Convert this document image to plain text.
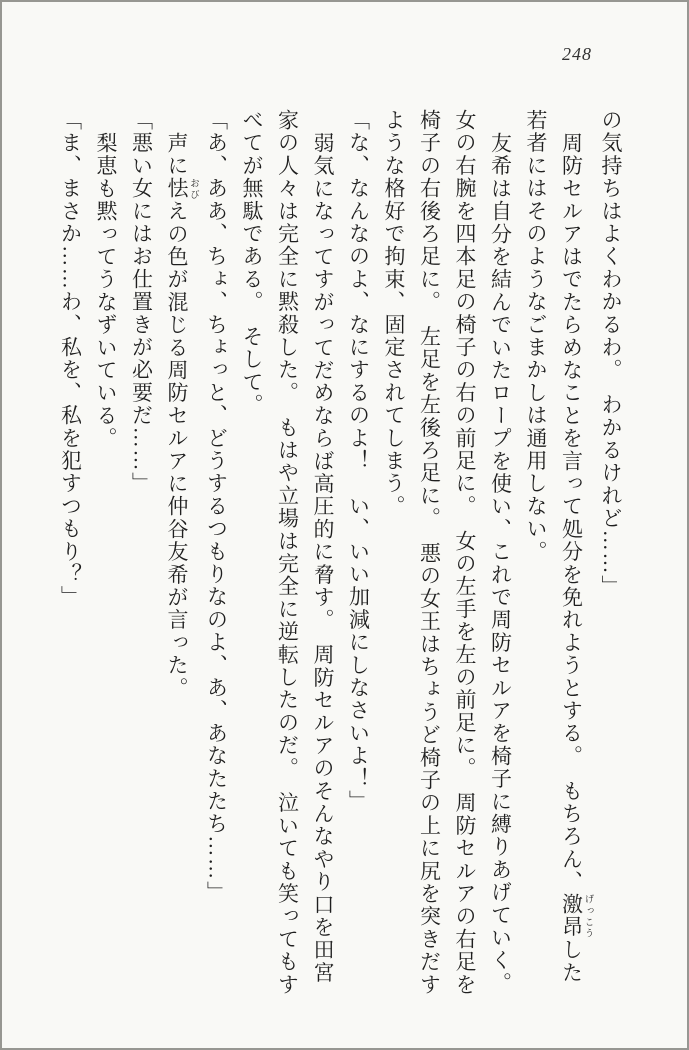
248
の気持ちはよくわかるわ。　わかるけれど……」
周防セルアはでたらめなことを言って処分を免れようとする。　もちろん、激昂 げっこうした
若者にはそのようなごまかしは通用しない。
友希は自分を結んでいたロープを使い、これで周防セルアを椅子に縛りあげていく。
女の右腕を四本足の椅子の右の前足に。　女の左手を左の前足に。　周防セルアの右足を
椅子の右後ろ足に。　左足を左後ろ足に。　悪の女王はちょうど椅子の上に尻を突きだす
ような格好で拘束、固定されてしまう。
「な、なんなのよ、なにするのよ！　い、いい加減にしなさいよ！」
弱気になってすがってだめならば高圧的に脅す。　周防セルアのそんなやり口を田宮
家の人々は完全に黙殺した。　もはや立場は完全に逆転したのだ。　泣いても笑ってもす
べてが無駄である。　そして。
「あ、ああ、ちょ、ちょっと、どうするつもりなのよ、あ、あなたたち……」
声に怯 おびえの色が混じる周防セルアに仲谷友希が言った。
「悪い女にはお仕置きが必要だ……」
梨恵も黙ってうなずいている。
「ま、まさか……わ、私を、私を犯すつもり？」
